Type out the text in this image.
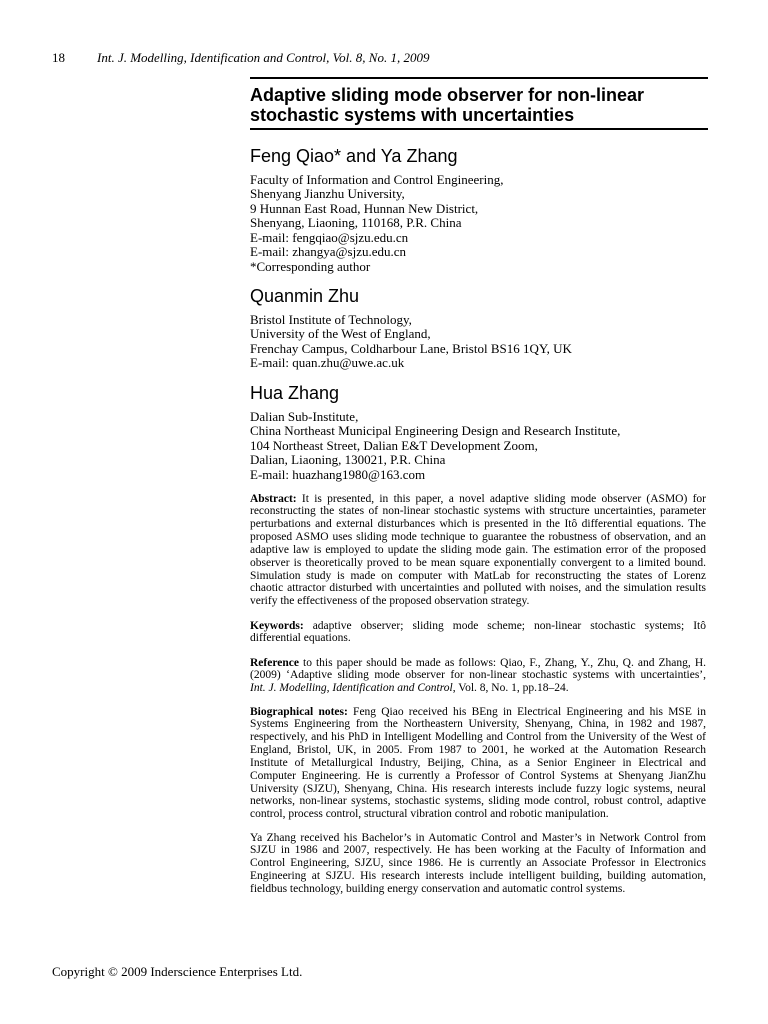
18 Int. J. Modelling, Identification and Control, Vol. 8, No. 1, 2009
Adaptive sliding mode observer for non-linear
stochastic systems with uncertainties
Feng Qiao* and Ya Zhang
Faculty of Information and Control Engineering,
Shenyang Jianzhu University,
9 Hunnan East Road, Hunnan New District,
Shenyang, Liaoning, 110168, P.R. China
E-mail: fengqiao@sjzu.edu.cn
E-mail: zhangya@sjzu.edu.cn
*Corresponding author
Quanmin Zhu
Bristol Institute of Technology,
University of the West of England,
Frenchay Campus, Coldharbour Lane, Bristol BS16 1QY, UK
E-mail: quan.zhu@uwe.ac.uk
Hua Zhang
Dalian Sub-Institute,
China Northeast Municipal Engineering Design and Research Institute,
104 Northeast Street, Dalian E&T Development Zoom,
Dalian, Liaoning, 130021, P.R. China
E-mail: huazhang1980@163.com
Abstract: It is presented, in this paper, a novel adaptive sliding mode observer (ASMO) for
reconstructing the states of non-linear stochastic systems with structure uncertainties, parameter
perturbations and external disturbances which is presented in the Itô differential equations. The
proposed ASMO uses sliding mode technique to guarantee the robustness of observation, and an
adaptive law is employed to update the sliding mode gain. The estimation error of the proposed
observer is theoretically proved to be mean square exponentially convergent to a limited bound.
Simulation study is made on computer with MatLab for reconstructing the states of Lorenz
chaotic attractor disturbed with uncertainties and polluted with noises, and the simulation results
verify the effectiveness of the proposed observation strategy.
Keywords: adaptive observer; sliding mode scheme; non-linear stochastic systems; Itô
differential equations.
Reference to this paper should be made as follows: Qiao, F., Zhang, Y., Zhu, Q. and Zhang, H.
(2009) ‘Adaptive sliding mode observer for non-linear stochastic systems with uncertainties’,
Int. J. Modelling, Identification and Control, Vol. 8, No. 1, pp.18–24.
Biographical notes: Feng Qiao received his BEng in Electrical Engineering and his MSE in
Systems Engineering from the Northeastern University, Shenyang, China, in 1982 and 1987,
respectively, and his PhD in Intelligent Modelling and Control from the University of the West of
England, Bristol, UK, in 2005. From 1987 to 2001, he worked at the Automation Research
Institute of Metallurgical Industry, Beijing, China, as a Senior Engineer in Electrical and
Computer Engineering. He is currently a Professor of Control Systems at Shenyang JianZhu
University (SJZU), Shenyang, China. His research interests include fuzzy logic systems, neural
networks, non-linear systems, stochastic systems, sliding mode control, robust control, adaptive
control, process control, structural vibration control and robotic manipulation.
Ya Zhang received his Bachelor’s in Automatic Control and Master’s in Network Control from
SJZU in 1986 and 2007, respectively. He has been working at the Faculty of Information and
Control Engineering, SJZU, since 1986. He is currently an Associate Professor in Electronics
Engineering at SJZU. His research interests include intelligent building, building automation,
fieldbus technology, building energy conservation and automatic control systems.
Copyright © 2009 Inderscience Enterprises Ltd.
